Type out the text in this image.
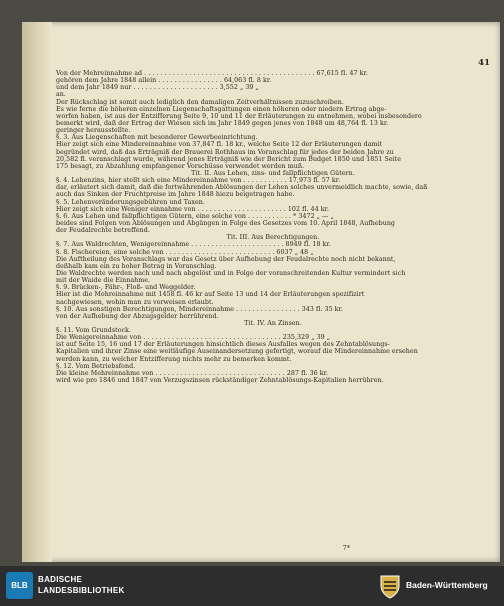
41
Von der Mehreinnahme ad . . . . . . . . . . . . . . . . . . . . . . . . . . . . . . . . . . . . . . . . . . 67,615 fl. 47 kr.
gehören dem Jahre 1848 allein . . . . . . . . . . . . . . . . 64,063 fl. 8 kr.
und dem Jahr 1849 nur . . . . . . . . . . . . . . . . . . . . . 3,552 „ 39 „
an.
Der Rückschlag ist somit auch lediglich den damaligen Zeitverhältnissen zuzuschreiben.
Es wie ferne die höheren einzelnen Liegenschaftsgattungen einen höheren oder niedern Ertrag abge-
worfen haben, ist aus der Entzifferung Seite 9, 10 und 11 der Erläuterungen zu entnehmen, wobei insbesondere
bemerkt wird, daß der Ertrag der Wiesen sich im Jahr 1849 gegen jenes von 1848 um 48,764 fl. 13 kr.
geringer herausstellte.
§. 3. Aus Liegenschaften mit besonderer Gewerbeeinrichtung.
Hier zeigt sich eine Mindereinnahme von 37,847 fl. 18 kr., welche Seite 12 der Erläuterungen damit
begründet wird, daß das Erträgniß der Brauerei Rothhaus im Voranschlag für jedes der beiden Jahre zu
20,582 fl. veranschlagt wurde, während jenes Erträgniß wie der Bericht zum Budget 1850 und 1851 Seite
175 besagt, zu Abzahlung empfangener Vorschüsse verwendet werden muß.
Tit. II. Aus Lehen, zins- und fallpflichtigen Gütern.
§. 4. Lehenzins, hier stellt sich eine Mindereinnahme von . . . . . . . . . . . 17,973 fl. 57 kr.
dar, erläutert sich damit, daß die fortwährenden Ablösungen der Lehen solches unvermeidlich machte, sowie, daß
auch das Sinken der Fruchtpreise im Jahre 1848 hiezu beigetragen habe.
§. 5. Lehenveränderungsgebühren und Taxen.
Hier zeigt sich eine Weniger einnahme von . . . . . . . . . . . . . . . . . . . . . . 102 fl. 44 kr.
§. 6. Aus Lehen und fallpflichtigen Gütern, eine solche von . . . . . . . . . . . * 3472 „ — „
beides sind Folgen von Ablösungen und Abgängen in Folge des Gesetzes vom 10. April 1848, Aufhebung
der Feudalrechte betreffend.
Tit. III. Aus Berechtigungen.
§. 7. Aus Waldrechten, Wenigereinnahme . . . . . . . . . . . . . . . . . . . . . . . 8949 fl. 18 kr.
§. 8. Fischereien, eine solche von . . . . . . . . . . . . . . . . . . . . . . . . . . . 6037 „ 48 „
Die Auftheilung des Voranschlags war das Gesetz über Aufhebung der Feudalrechte noch nicht bekannt,
deßhalb kam ein zu hoher Betrag in Voranschlag.
Die Waldrechte werden nach und nach abgelöst und in Folge der voranschreitenden Kultur vermindert sich
mit der Waide die Einnahme.
§. 9. Brücken-, Fähr-, Floß- und Weggelder.
Hier ist die Mehreinnahme mit 1458 fl. 46 kr auf Seite 13 und 14 der Erläuterungen spezifizirt
nachgewiesen, wohin man zu verweisen erlaubt.
§. 10. Aus sonstigen Berechtigungen, Mindereinnahme . . . . . . . . . . . . . . . . 343 fl. 35 kr.
von der Aufhebung der Abzugsgelder herrührend.
Tit. IV. An Zinsen.
§. 11. Vom Grundstock.
Die Wenigereinnahme von . . . . . . . . . . . . . . . . . . . . . . . . . . . . . . . . . . 235,329 „ 39 „
ist auf Seite 15, 16 und 17 der Erläuterungen hinsichtlich dieses Ausfalles wegen des Zehntablösungs-
Kapitalien und ihrer Zinse eine weitläufige Auseinandersetzung gefertigt, worauf die Mindereinnahme ersehen
werden kann, zu welcher Entzifferung nichts mehr zu bemerken kommt.
§. 12. Vom Betriebsfond.
Die kleine Mehreinnahme von . . . . . . . . . . . . . . . . . . . . . . . . . . . . . . . . 287 fl. 36 kr.
wird wie pro 1846 und 1847 von Verzugszinsen rückständiger Zehntablösungs-Kapitalien herrühren.
7*
BLB
BADISCHE
LANDESBIBLIOTHEK
Baden-Württemberg
